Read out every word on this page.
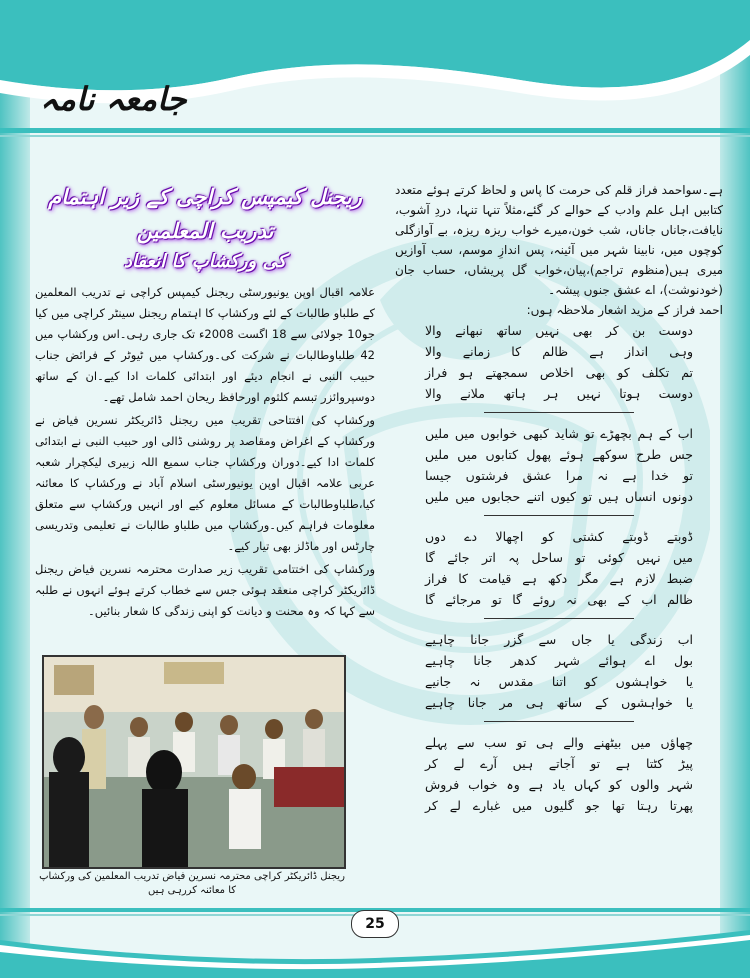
جامعہ نامہ

ہے۔سواحمد فراز قلم کی حرمت کا پاس و لحاظ کرتے ہوئے متعدد کتابیں اہل علم وادب کے حوالے کر گئے،مثلاً تنہا تنہا، دردِ آشوب، نایافت،جاناں جاناں، شب خون،میرے خواب ریزہ ریزہ، بے آوازگلی کوچوں میں، نابینا شہر میں آئینہ، پس اندازِ موسم، سب آوازیں میری ہیں(منظوم تراجم)،پیان،خواب گل پریشاں، حساب جان (خودنوشت)، اے عشق جنوں پیشہ۔

احمد فراز کے مزید اشعار ملاحظہ ہوں:

دوست بن کر بھی نہیں ساتھ نبھانے والا
وہی انداز ہے ظالم کا زمانے والا
تم تکلف کو بھی اخلاص سمجھتے ہو فراز
دوست ہوتا نہیں ہر ہاتھ ملانے والا
اب کے ہم بچھڑے تو شاید کبھی خوابوں میں ملیں
جس طرح سوکھے ہوئے پھول کتابوں میں ملیں
تو خدا ہے نہ مرا عشق فرشتوں جیسا
دونوں انساں ہیں تو کیوں اتنے حجابوں میں ملیں
ڈوبتے ڈوبتے کشتی کو اچھالا دے دوں
میں نہیں کوئی تو ساحل پہ اتر جائے گا
ضبط لازم ہے مگر دکھ ہے قیامت کا فراز
ظالم اب کے بھی نہ روئے گا تو مرجائے گا
اب زندگی یا جاں سے گزر جانا چاہیے
بول اے ہوائے شہر کدھر جانا چاہیے
یا خواہشوں کو اتنا مقدس نہ جانیے
یا خواہشوں کے ساتھ ہی مر جانا چاہیے
چھاؤں میں بیٹھنے والے ہی تو سب سے پہلے
پیڑ کٹتا ہے تو آجاتے ہیں آرے لے کر
شہر والوں کو کہاں یاد ہے وہ خواب فروش
پھرتا رہتا تھا جو گلیوں میں غبارے لے کر
ریجنل کیمپس کراچی کے زیر اہتمام تدریب المعلمین
کی ورکشاپ کا انعقاد

علامہ اقبال اوپن یونیورسٹی ریجنل کیمپس کراچی نے تدریب المعلمین کے طلباو طالبات کے لئے ورکشاپ کا اہتمام ریجنل سینٹر کراچی میں کیا جو10 جولائی سے 18 اگست 2008ء تک جاری رہی۔اس ورکشاپ میں 42 طلباوطالبات نے شرکت کی۔ورکشاپ میں ٹیوٹر کے فرائض جناب حبیب النبی نے انجام دیئے اور ابتدائی کلمات ادا کیے۔ان کے ساتھ دوسپروائزر تبسم کلثوم اورحافظ ریحان احمد شامل تھے۔

ورکشاپ کی افتتاحی تقریب میں ریجنل ڈائریکٹر نسرین فیاض نے ورکشاپ کے اغراض ومقاصد پر روشنی ڈالی اور حبیب النبی نے ابتدائی کلمات ادا کیے۔دوران ورکشاپ جناب سمیع اللہ زبیری لیکچرار شعبہ عربی علامہ اقبال اوپن یونیورسٹی اسلام آباد نے ورکشاپ کا معائنہ کیا،طلباوطالبات کے مسائل معلوم کیے اور انہیں ورکشاپ سے متعلق معلومات فراہم کیں۔ورکشاپ میں طلباو طالبات نے تعلیمی وتدریسی چارٹس اور ماڈلز بھی تیار کیے۔

ورکشاپ کی اختتامی تقریب زیر صدارت محترمہ نسرین فیاض ریجنل ڈائریکٹر کراچی منعقد ہوئی جس سے خطاب کرتے ہوئے انہوں نے طلبہ سے کہا کہ وہ محنت و دیانت کو اپنی زندگی کا شعار بنائیں۔

ریجنل ڈائریکٹر کراچی محترمہ نسرین فیاض تدریب المعلمین کی ورکشاپ کا معائنہ کررہی ہیں
25
